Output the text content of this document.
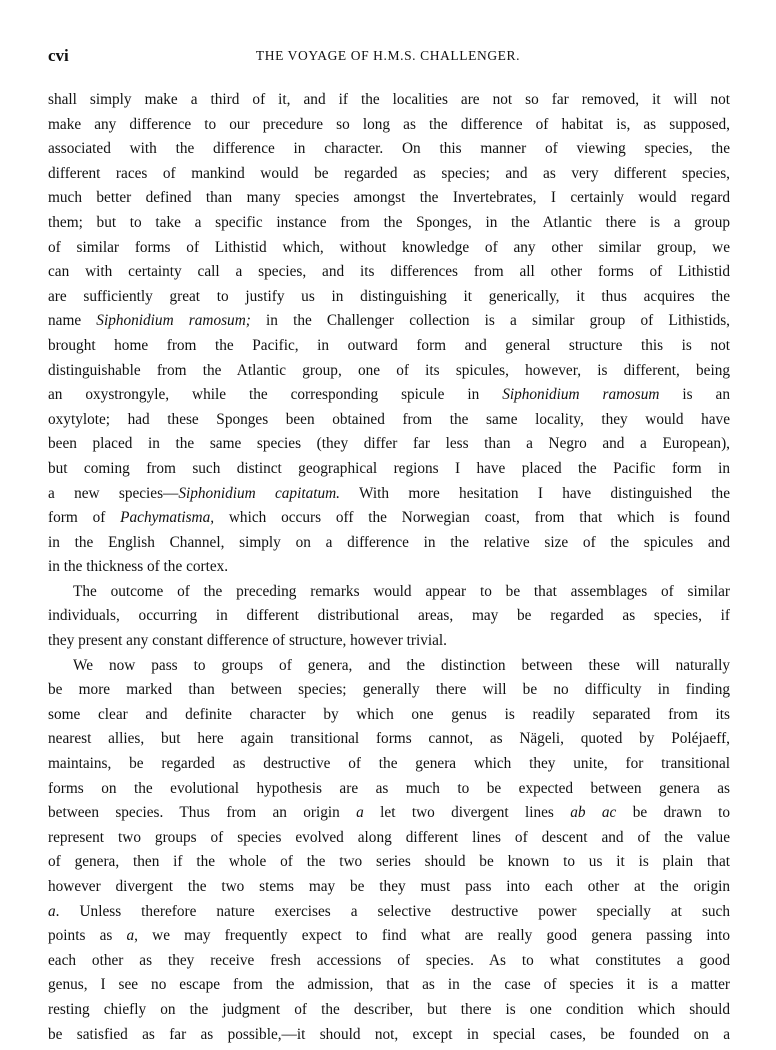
cvi	THE VOYAGE OF H.M.S. CHALLENGER.
shall simply make a third of it, and if the localities are not so far removed, it will not
make any difference to our precedure so long as the difference of habitat is, as supposed,
associated with the difference in character. On this manner of viewing species, the
different races of mankind would be regarded as species; and as very different species,
much better defined than many species amongst the Invertebrates, I certainly would regard
them; but to take a specific instance from the Sponges, in the Atlantic there is a group
of similar forms of Lithistid which, without knowledge of any other similar group, we
can with certainty call a species, and its differences from all other forms of Lithistid
are sufficiently great to justify us in distinguishing it generically, it thus acquires the
name Siphonidium ramosum; in the Challenger collection is a similar group of Lithistids,
brought home from the Pacific, in outward form and general structure this is not
distinguishable from the Atlantic group, one of its spicules, however, is different, being
an oxystrongyle, while the corresponding spicule in Siphonidium ramosum is an
oxytylote; had these Sponges been obtained from the same locality, they would have
been placed in the same species (they differ far less than a Negro and a European),
but coming from such distinct geographical regions I have placed the Pacific form in
a new species—Siphonidium capitatum. With more hesitation I have distinguished the
form of Pachymatisma, which occurs off the Norwegian coast, from that which is found
in the English Channel, simply on a difference in the relative size of the spicules and
in the thickness of the cortex.
The outcome of the preceding remarks would appear to be that assemblages of similar
individuals, occurring in different distributional areas, may be regarded as species, if
they present any constant difference of structure, however trivial.
We now pass to groups of genera, and the distinction between these will naturally
be more marked than between species; generally there will be no difficulty in finding
some clear and definite character by which one genus is readily separated from its
nearest allies, but here again transitional forms cannot, as Nägeli, quoted by Poléjaeff,
maintains, be regarded as destructive of the genera which they unite, for transitional
forms on the evolutional hypothesis are as much to be expected between genera as
between species. Thus from an origin a let two divergent lines ab ac be drawn to
represent two groups of species evolved along different lines of descent and of the value
of genera, then if the whole of the two series should be known to us it is plain that
however divergent the two stems may be they must pass into each other at the origin
a. Unless therefore nature exercises a selective destructive power specially at such
points as a, we may frequently expect to find what are really good genera passing into
each other as they receive fresh accessions of species. As to what constitutes a good
genus, I see no escape from the admission, that as in the case of species it is a matter
resting chiefly on the judgment of the describer, but there is one condition which should
be satisfied as far as possible,—it should not, except in special cases, be founded on a
